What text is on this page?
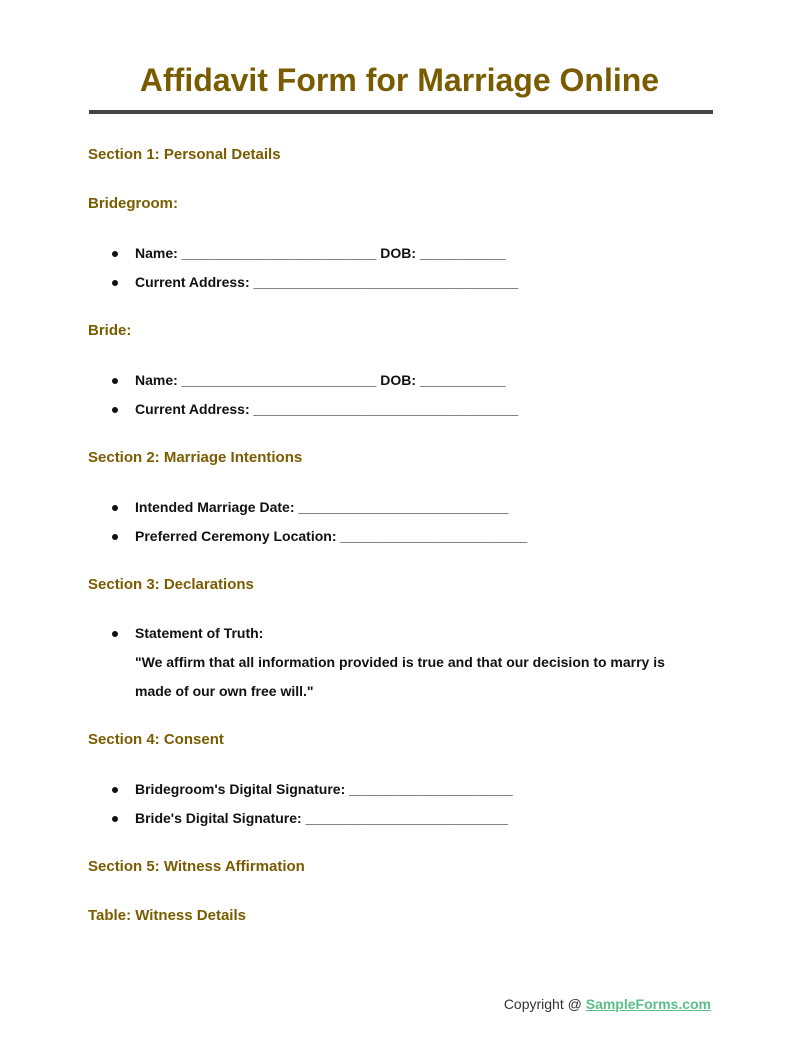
Affidavit Form for Marriage Online
Section 1: Personal Details
Bridegroom:
Name: _________________________ DOB: ___________
Current Address: __________________________________
Bride:
Name: _________________________ DOB: ___________
Current Address: __________________________________
Section 2: Marriage Intentions
Intended Marriage Date: ___________________________
Preferred Ceremony Location: ________________________
Section 3: Declarations
Statement of Truth:
"We affirm that all information provided is true and that our decision to marry is
made of our own free will."
Section 4: Consent
Bridegroom's Digital Signature: _____________________
Bride's Digital Signature: __________________________
Section 5: Witness Affirmation
Table: Witness Details
Copyright @ SampleForms.com
